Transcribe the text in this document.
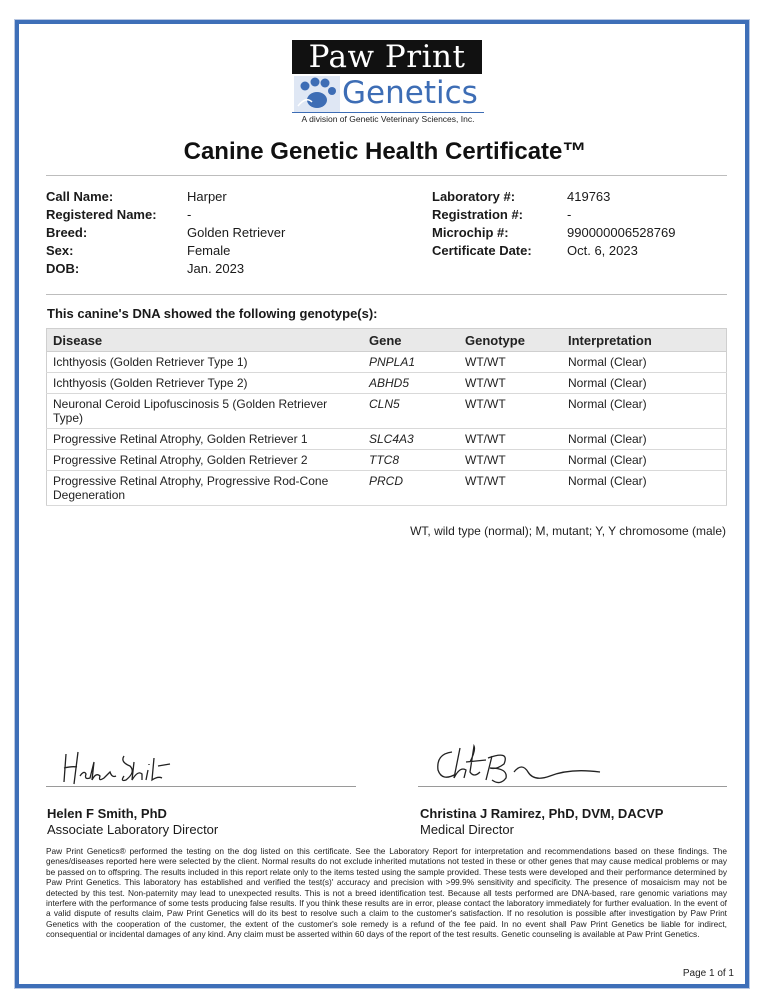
Paw Print
Genetics
A division of Genetic Veterinary Sciences, Inc.
Canine Genetic Health Certificate™
Call Name:	Harper
Registered Name:	-
Breed:	Golden Retriever
Sex:	Female
DOB:	Jan. 2023
Laboratory #:	419763
Registration #:	-
Microchip #:	990000006528769
Certificate Date:	Oct. 6, 2023
This canine's DNA showed the following genotype(s):
Disease	Gene	Genotype	Interpretation
Ichthyosis (Golden Retriever Type 1)	PNPLA1	WT/WT	Normal (Clear)
Ichthyosis (Golden Retriever Type 2)	ABHD5	WT/WT	Normal (Clear)
Neuronal Ceroid Lipofuscinosis 5 (Golden Retriever Type)	CLN5	WT/WT	Normal (Clear)
Progressive Retinal Atrophy, Golden Retriever 1	SLC4A3	WT/WT	Normal (Clear)
Progressive Retinal Atrophy, Golden Retriever 2	TTC8	WT/WT	Normal (Clear)
Progressive Retinal Atrophy, Progressive Rod-Cone Degeneration	PRCD	WT/WT	Normal (Clear)
WT, wild type (normal); M, mutant; Y, Y chromosome (male)
Helen F Smith, PhD
Associate Laboratory Director
Christina J Ramirez, PhD, DVM, DACVP
Medical Director
Paw Print Genetics® performed the testing on the dog listed on this certificate. See the Laboratory Report for interpretation and recommendations based on these findings. The genes/diseases reported here were selected by the client. Normal results do not exclude inherited mutations not tested in these or other genes that may cause medical problems or may be passed on to offspring. The results included in this report relate only to the items tested using the sample provided. These tests were developed and their performance determined by Paw Print Genetics. This laboratory has established and verified the test(s)' accuracy and precision with >99.9% sensitivity and specificity. The presence of mosaicism may not be detected by this test. Non-paternity may lead to unexpected results. This is not a breed identification test. Because all tests performed are DNA-based, rare genomic variations may interfere with the performance of some tests producing false results. If you think these results are in error, please contact the laboratory immediately for further evaluation. In the event of a valid dispute of results claim, Paw Print Genetics will do its best to resolve such a claim to the customer's satisfaction. If no resolution is possible after investigation by Paw Print Genetics with the cooperation of the customer, the extent of the customer's sole remedy is a refund of the fee paid. In no event shall Paw Print Genetics be liable for indirect, consequential or incidental damages of any kind. Any claim must be asserted within 60 days of the report of the test results. Genetic counseling is available at Paw Print Genetics.
Page 1 of 1
